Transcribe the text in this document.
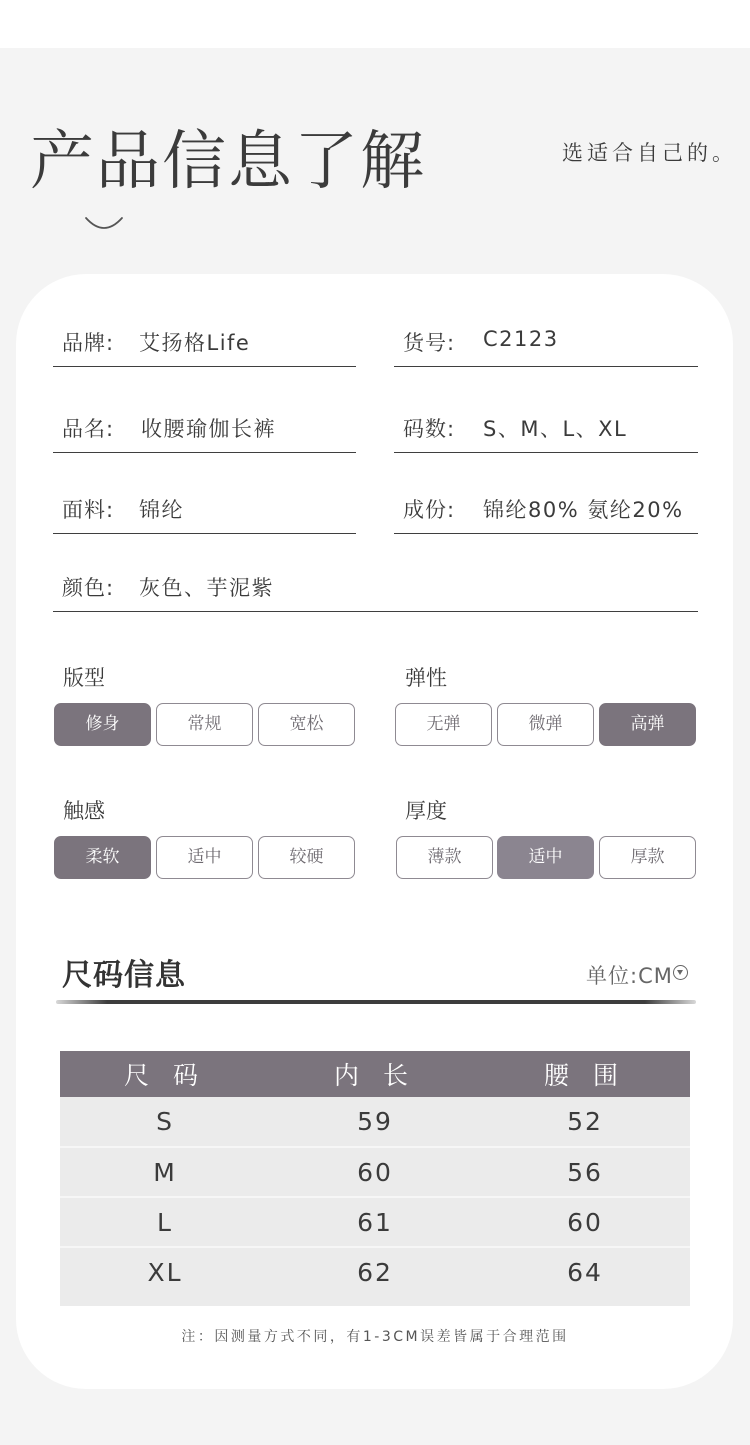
产品信息了解	选适合自己的。
品牌: 艾扬格Life	货号: C2123
品名: 收腰瑜伽长裤	码数: S、M、L、XL
面料: 锦纶	成份: 锦纶80% 氨纶20%
颜色: 灰色、芋泥紫
版型
修身	常规	宽松
弹性
无弹	微弹	高弹
触感
柔软	适中	较硬
厚度
薄款	适中	厚款
尺码信息	单位:CM
尺 码	内 长	腰 围
S	59	52
M	60	56
L	61	60
XL	62	64

注：因测量方式不同，有1-3CM误差皆属于合理范围
